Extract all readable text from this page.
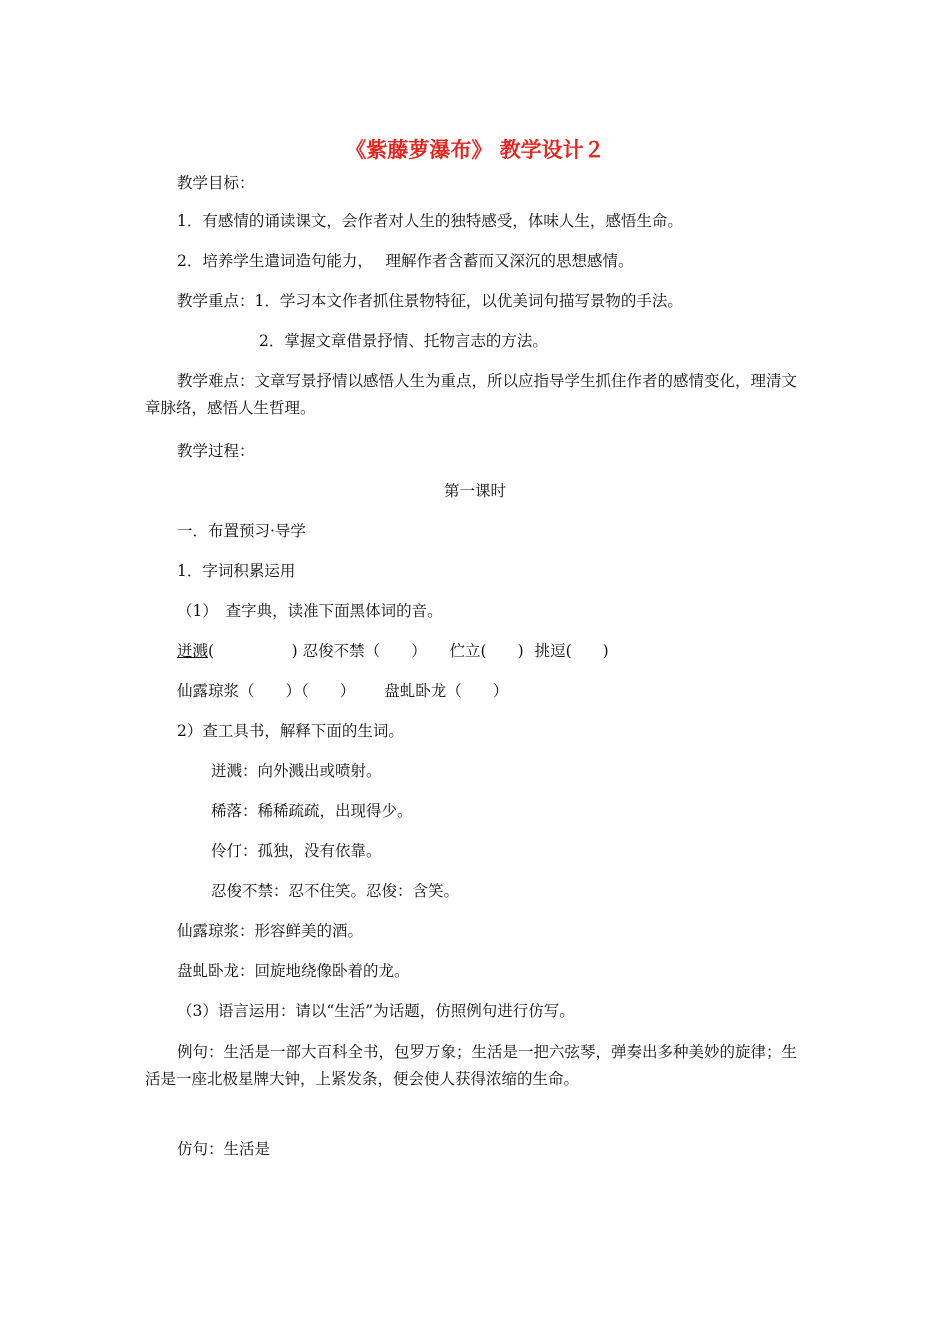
《紫藤萝瀑布》 教学设计２
教学目标：
1．有感情的诵读课文，会作者对人生的独特感受，体味人生，感悟生命。
2．培养学生遣词造句能力，　 理解作者含蓄而又深沉的思想感情。
教学重点：1．学习本文作者抓住景物特征，以优美词句描写景物的手法。
2．掌握文章借景抒情、托物言志的方法。
教学难点：文章写景抒情以感悟人生为重点，所以应指导学生抓住作者的感情变化，理清文章脉络，感悟人生哲理。
教学过程：
第一课时
一．布置预习·导学
1．字词积累运用
（1）　查字典，读准下面黑体词的音。
迸溅(　　　　　) 忍俊不禁（　　） 伫立(　　) 挑逗(　　)
仙露琼浆（　　）（　　） 盘虬卧龙（　　）
2）查工具书，解释下面的生词。
迸溅：向外溅出或喷射。
稀落：稀稀疏疏，出现得少。
伶仃：孤独，没有依靠。
忍俊不禁：忍不住笑。忍俊：含笑。
仙露琼浆：形容鲜美的酒。
盘虬卧龙：回旋地绕像卧着的龙。
（3）语言运用：请以“生活”为话题，仿照例句进行仿写。
例句：生活是一部大百科全书，包罗万象；生活是一把六弦琴，弹奏出多种美妙的旋律；生活是一座北极星牌大钟，上紧发条，便会使人获得浓缩的生命。
仿句：生活是
